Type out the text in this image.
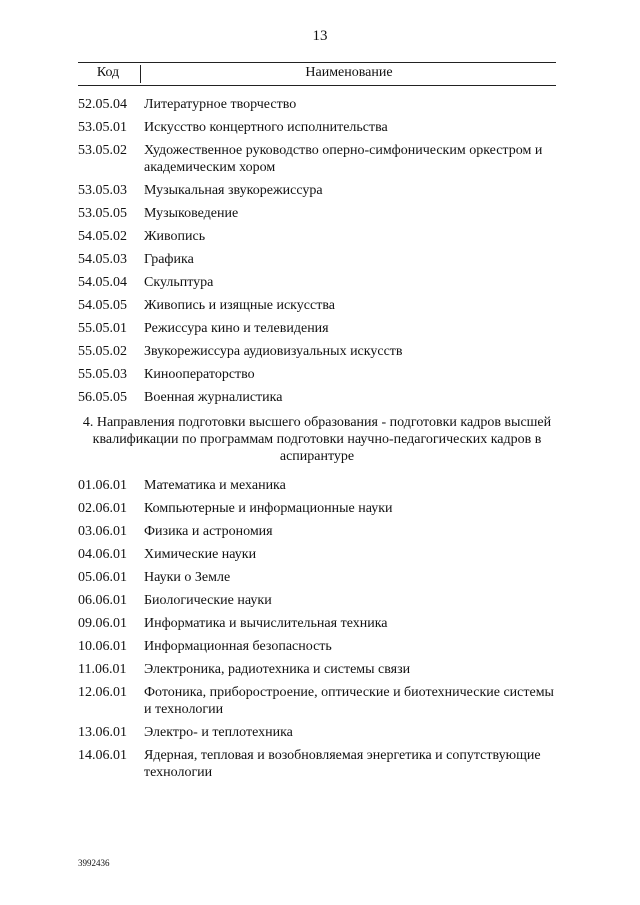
13
Код	Наименование
52.05.04	Литературное творчество
53.05.01	Искусство концертного исполнительства
53.05.02	Художественное руководство оперно-симфоническим оркестром и академическим хором
53.05.03	Музыкальная звукорежиссура
53.05.05	Музыковедение
54.05.02	Живопись
54.05.03	Графика
54.05.04	Скульптура
54.05.05	Живопись и изящные искусства
55.05.01	Режиссура кино и телевидения
55.05.02	Звукорежиссура аудиовизуальных искусств
55.05.03	Кинооператорство
56.05.05	Военная журналистика
4. Направления подготовки высшего образования - подготовки кадров высшей квалификации по программам подготовки научно-педагогических кадров в аспирантуре
01.06.01	Математика и механика
02.06.01	Компьютерные и информационные науки
03.06.01	Физика и астрономия
04.06.01	Химические науки
05.06.01	Науки о Земле
06.06.01	Биологические науки
09.06.01	Информатика и вычислительная техника
10.06.01	Информационная безопасность
11.06.01	Электроника, радиотехника и системы связи
12.06.01	Фотоника, приборостроение, оптические и биотехнические системы и технологии
13.06.01	Электро- и теплотехника
14.06.01	Ядерная, тепловая и возобновляемая энергетика и сопутствующие технологии
3992436
